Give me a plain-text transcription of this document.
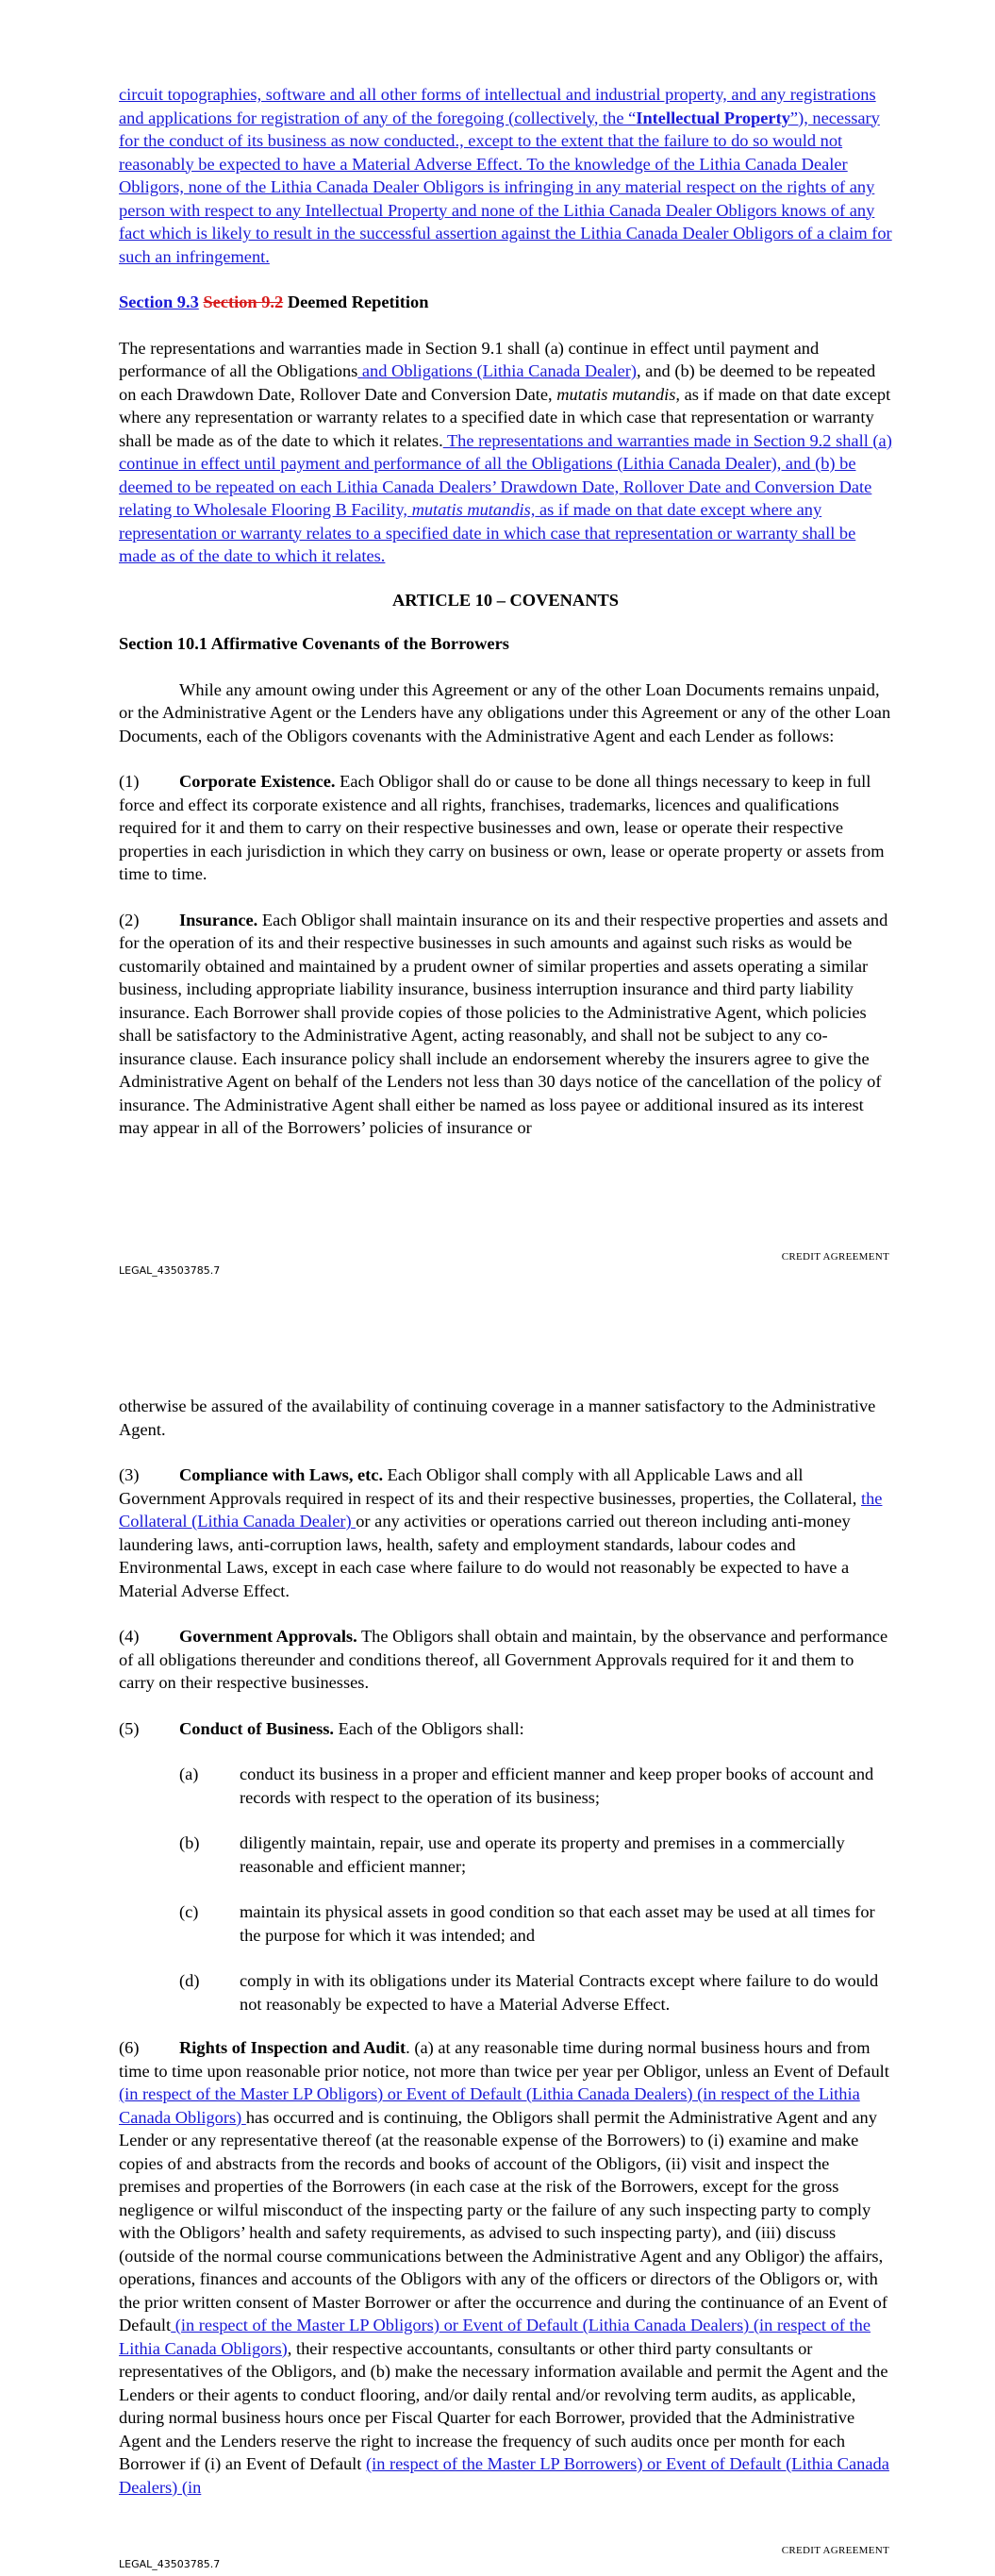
circuit topographies, software and all other forms of intellectual and industrial property, and any registrations and applications for registration of any of the foregoing (collectively, the “Intellectual Property”), necessary for the conduct of its business as now conducted., except to the extent that the failure to do so would not reasonably be expected to have a Material Adverse Effect. To the knowledge of the Lithia Canada Dealer Obligors, none of the Lithia Canada Dealer Obligors is infringing in any material respect on the rights of any person with respect to any Intellectual Property and none of the Lithia Canada Dealer Obligors knows of any fact which is likely to result in the successful assertion against the Lithia Canada Dealer Obligors of a claim for such an infringement.

Section 9.3 Section 9.2 Deemed Repetition

The representations and warranties made in Section 9.1 shall (a) continue in effect until payment and performance of all the Obligations and Obligations (Lithia Canada Dealer), and (b) be deemed to be repeated on each Drawdown Date, Rollover Date and Conversion Date, mutatis mutandis, as if made on that date except where any representation or warranty relates to a specified date in which case that representation or warranty shall be made as of the date to which it relates. The representations and warranties made in Section 9.2 shall (a) continue in effect until payment and performance of all the Obligations (Lithia Canada Dealer), and (b) be deemed to be repeated on each Lithia Canada Dealers’ Drawdown Date, Rollover Date and Conversion Date relating to Wholesale Flooring B Facility, mutatis mutandis, as if made on that date except where any representation or warranty relates to a specified date in which case that representation or warranty shall be made as of the date to which it relates.

ARTICLE 10 – COVENANTS

Section 10.1 Affirmative Covenants of the Borrowers

While any amount owing under this Agreement or any of the other Loan Documents remains unpaid, or the Administrative Agent or the Lenders have any obligations under this Agreement or any of the other Loan Documents, each of the Obligors covenants with the Administrative Agent and each Lender as follows:

(1) Corporate Existence. Each Obligor shall do or cause to be done all things necessary to keep in full force and effect its corporate existence and all rights, franchises, trademarks, licences and qualifications required for it and them to carry on their respective businesses and own, lease or operate their respective properties in each jurisdiction in which they carry on business or own, lease or operate property or assets from time to time.

(2) Insurance. Each Obligor shall maintain insurance on its and their respective properties and assets and for the operation of its and their respective businesses in such amounts and against such risks as would be customarily obtained and maintained by a prudent owner of similar properties and assets operating a similar business, including appropriate liability insurance, business interruption insurance and third party liability insurance. Each Borrower shall provide copies of those policies to the Administrative Agent, which policies shall be satisfactory to the Administrative Agent, acting reasonably, and shall not be subject to any co-insurance clause. Each insurance policy shall include an endorsement whereby the insurers agree to give the Administrative Agent on behalf of the Lenders not less than 30 days notice of the cancellation of the policy of insurance. The Administrative Agent shall either be named as loss payee or additional insured as its interest may appear in all of the Borrowers’ policies of insurance or

CREDIT AGREEMENT
LEGAL_43503785.7

otherwise be assured of the availability of continuing coverage in a manner satisfactory to the Administrative Agent.

(3) Compliance with Laws, etc. Each Obligor shall comply with all Applicable Laws and all Government Approvals required in respect of its and their respective businesses, properties, the Collateral, the Collateral (Lithia Canada Dealer) or any activities or operations carried out thereon including anti-money laundering laws, anti-corruption laws, health, safety and employment standards, labour codes and Environmental Laws, except in each case where failure to do would not reasonably be expected to have a Material Adverse Effect.

(4) Government Approvals. The Obligors shall obtain and maintain, by the observance and performance of all obligations thereunder and conditions thereof, all Government Approvals required for it and them to carry on their respective businesses.

(5) Conduct of Business. Each of the Obligors shall:

(a)	conduct its business in a proper and efficient manner and keep proper books of account and records with respect to the operation of its business;

(b)	diligently maintain, repair, use and operate its property and premises in a commercially reasonable and efficient manner;

(c)	maintain its physical assets in good condition so that each asset may be used at all times for the purpose for which it was intended; and

(d)	comply in with its obligations under its Material Contracts except where failure to do would not reasonably be expected to have a Material Adverse Effect.

(6) Rights of Inspection and Audit. (a) at any reasonable time during normal business hours and from time to time upon reasonable prior notice, not more than twice per year per Obligor, unless an Event of Default (in respect of the Master LP Obligors) or Event of Default (Lithia Canada Dealers) (in respect of the Lithia Canada Obligors) has occurred and is continuing, the Obligors shall permit the Administrative Agent and any Lender or any representative thereof (at the reasonable expense of the Borrowers) to (i) examine and make copies of and abstracts from the records and books of account of the Obligors, (ii) visit and inspect the premises and properties of the Borrowers (in each case at the risk of the Borrowers, except for the gross negligence or wilful misconduct of the inspecting party or the failure of any such inspecting party to comply with the Obligors’ health and safety requirements, as advised to such inspecting party), and (iii) discuss (outside of the normal course communications between the Administrative Agent and any Obligor) the affairs, operations, finances and accounts of the Obligors with any of the officers or directors of the Obligors or, with the prior written consent of Master Borrower or after the occurrence and during the continuance of an Event of Default (in respect of the Master LP Obligors) or Event of Default (Lithia Canada Dealers) (in respect of the Lithia Canada Obligors), their respective accountants, consultants or other third party consultants or representatives of the Obligors, and (b) make the necessary information available and permit the Agent and the Lenders or their agents to conduct flooring, and/or daily rental and/or revolving term audits, as applicable, during normal business hours once per Fiscal Quarter for each Borrower, provided that the Administrative Agent and the Lenders reserve the right to increase the frequency of such audits once per month for each Borrower if (i) an Event of Default (in respect of the Master LP Borrowers) or Event of Default (Lithia Canada Dealers) (in

CREDIT AGREEMENT
LEGAL_43503785.7
